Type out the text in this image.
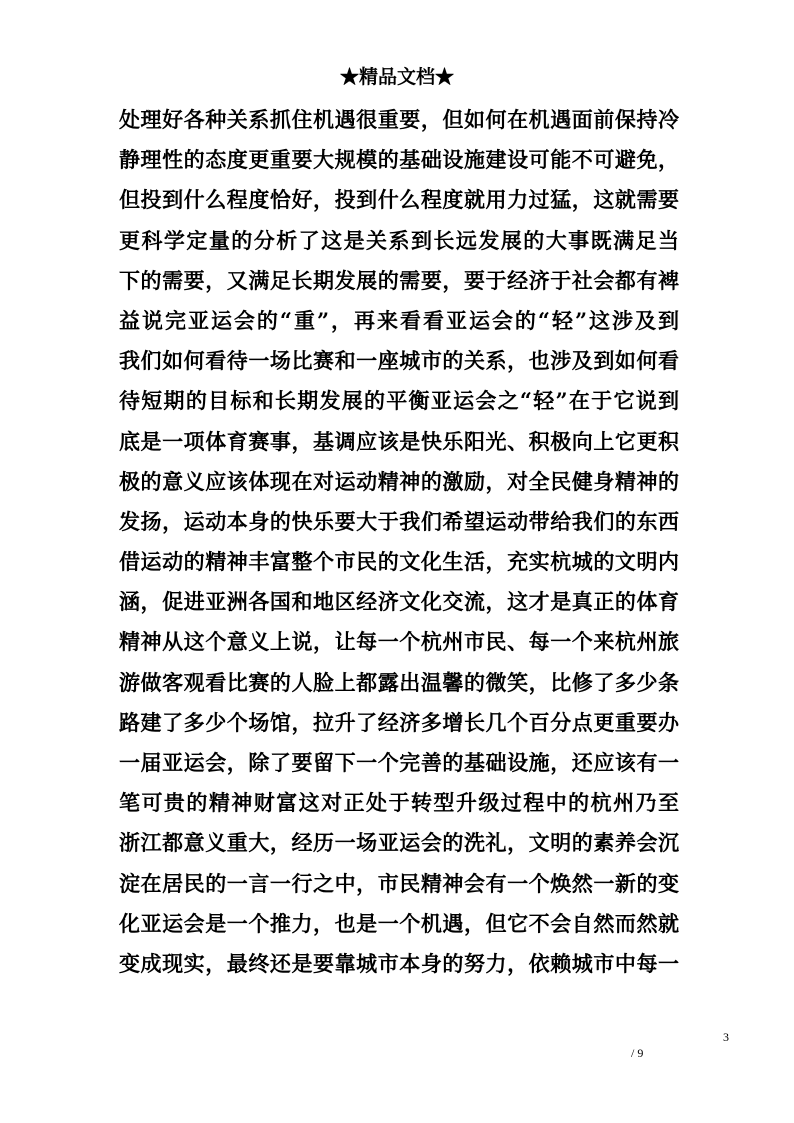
★精品文档★
处理好各种关系抓住机遇很重要，但如何在机遇面前保持冷
静理性的态度更重要大规模的基础设施建设可能不可避免，
但投到什么程度恰好，投到什么程度就用力过猛，这就需要
更科学定量的分析了这是关系到长远发展的大事既满足当
下的需要，又满足长期发展的需要，要于经济于社会都有裨
益说完亚运会的“重”，再来看看亚运会的“轻”这涉及到
我们如何看待一场比赛和一座城市的关系，也涉及到如何看
待短期的目标和长期发展的平衡亚运会之“轻”在于它说到
底是一项体育赛事，基调应该是快乐阳光、积极向上它更积
极的意义应该体现在对运动精神的激励，对全民健身精神的
发扬，运动本身的快乐要大于我们希望运动带给我们的东西
借运动的精神丰富整个市民的文化生活，充实杭城的文明内
涵，促进亚洲各国和地区经济文化交流，这才是真正的体育
精神从这个意义上说，让每一个杭州市民、每一个来杭州旅
游做客观看比赛的人脸上都露出温馨的微笑，比修了多少条
路建了多少个场馆，拉升了经济多增长几个百分点更重要办
一届亚运会，除了要留下一个完善的基础设施，还应该有一
笔可贵的精神财富这对正处于转型升级过程中的杭州乃至
浙江都意义重大，经历一场亚运会的洗礼，文明的素养会沉
淀在居民的一言一行之中，市民精神会有一个焕然一新的变
化亚运会是一个推力，也是一个机遇，但它不会自然而然就
变成现实，最终还是要靠城市本身的努力，依赖城市中每一
3
/ 9
